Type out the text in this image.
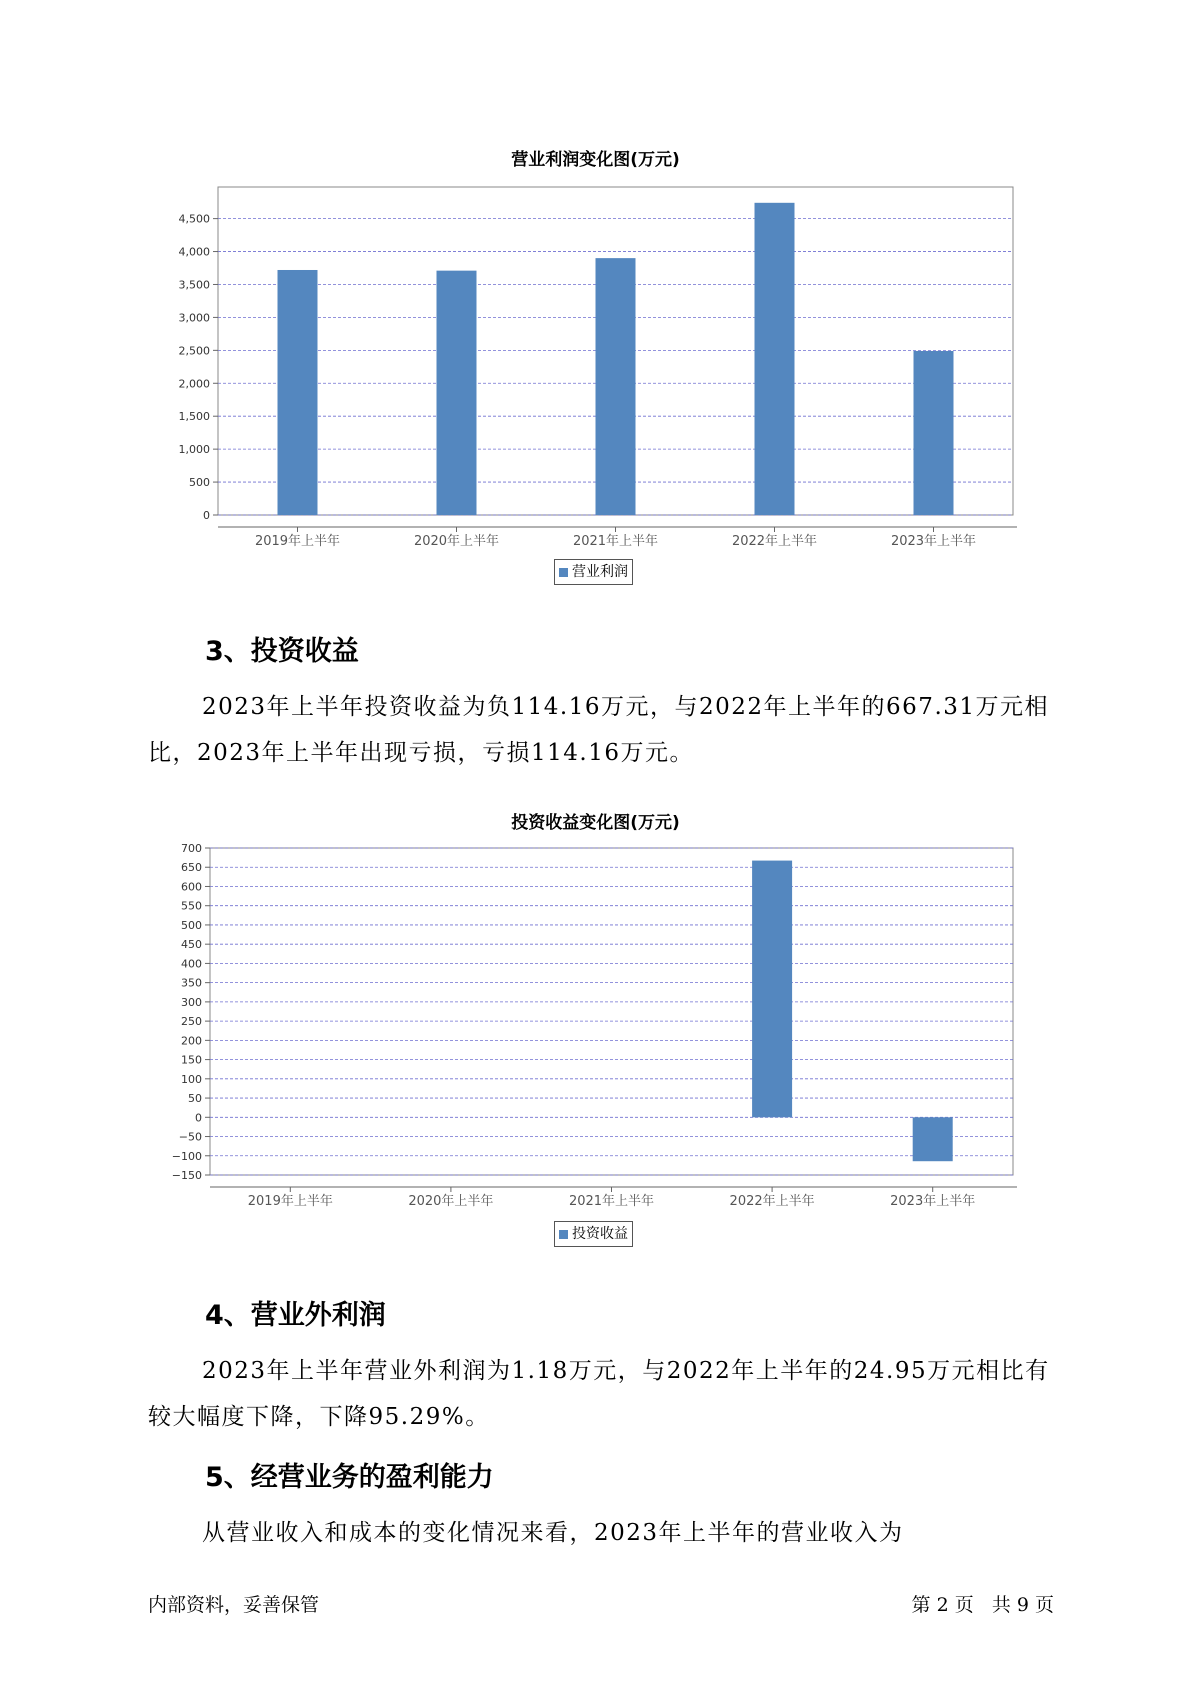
营业利润变化图(万元)
0
500
1,000
1,500
2,000
2,500
3,000
3,500
4,000
4,500
2019年上半年	2020年上半年	2021年上半年	2022年上半年	2023年上半年
营业利润
3、投资收益
2023年上半年投资收益为负114.16万元，与2022年上半年的667.31万元相比，2023年上半年出现亏损，亏损114.16万元。
投资收益变化图(万元)
−150
−100
−50
0
50
100
150
200
250
300
350
400
450
500
550
600
650
700
2019年上半年	2020年上半年	2021年上半年	2022年上半年	2023年上半年
投资收益
4、营业外利润
2023年上半年营业外利润为1.18万元，与2022年上半年的24.95万元相比有较大幅度下降，下降95.29%。
5、经营业务的盈利能力
从营业收入和成本的变化情况来看，2023年上半年的营业收入为
内部资料，妥善保管	第 2 页   共 9 页
